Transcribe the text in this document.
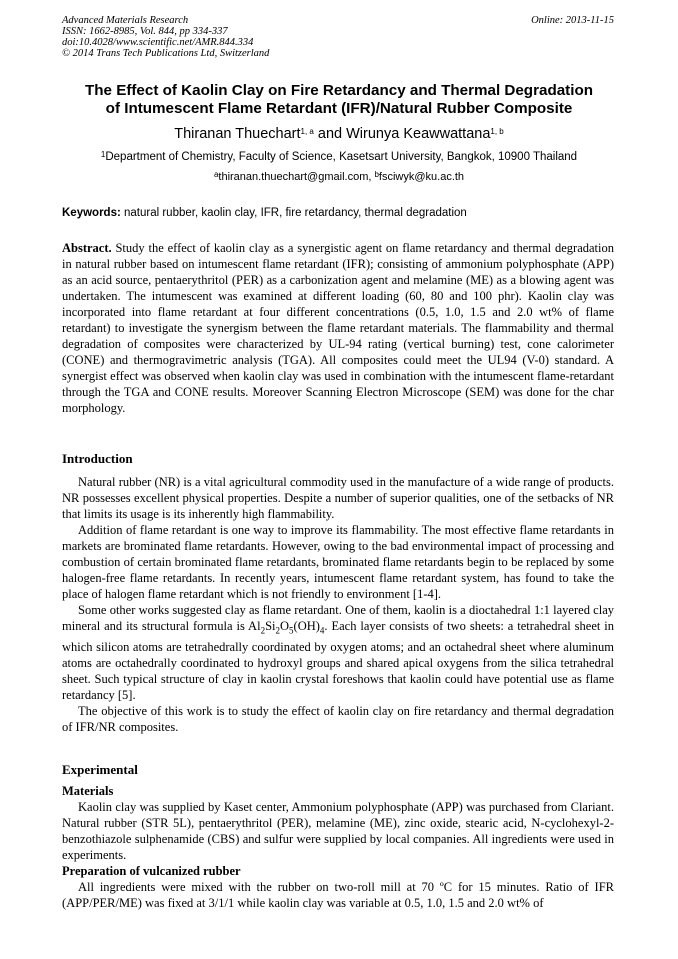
Advanced Materials Research
ISSN: 1662-8985, Vol. 844, pp 334-337
doi:10.4028/www.scientific.net/AMR.844.334
© 2014 Trans Tech Publications Ltd, Switzerland
Online: 2013-11-15
The Effect of Kaolin Clay on Fire Retardancy and Thermal Degradation
of Intumescent Flame Retardant (IFR)/Natural Rubber Composite
Thiranan Thuechart$^{1, a}$ and Wirunya Keawwattana$^{1, b}$
$^1$Department of Chemistry, Faculty of Science, Kasetsart University, Bangkok, 10900 Thailand
$^a$thiranan.thuechart@gmail.com, $^b$fsciwyk@ku.ac.th
Keywords: natural rubber, kaolin clay, IFR, fire retardancy, thermal degradation

Abstract. Study the effect of kaolin clay as a synergistic agent on flame retardancy and thermal degradation in natural rubber based on intumescent flame retardant (IFR); consisting of ammonium polyphosphate (APP) as an acid source, pentaerythritol (PER) as a carbonization agent and melamine (ME) as a blowing agent was undertaken. The intumescent was examined at different loading (60, 80 and 100 phr). Kaolin clay was incorporated into flame retardant at four different concentrations (0.5, 1.0, 1.5 and 2.0 wt% of flame retardant) to investigate the synergism between the flame retardant materials. The flammability and thermal degradation of composites were characterized by UL-94 rating (vertical burning) test, cone calorimeter (CONE) and thermogravimetric analysis (TGA). All composites could meet the UL94 (V-0) standard. A synergist effect was observed when kaolin clay was used in combination with the intumescent flame-retardant through the TGA and CONE results. Moreover Scanning Electron Microscope (SEM) was done for the char morphology.

Introduction

Natural rubber (NR) is a vital agricultural commodity used in the manufacture of a wide range of products. NR possesses excellent physical properties. Despite a number of superior qualities, one of the setbacks of NR that limits its usage is its inherently high flammability.

Addition of flame retardant is one way to improve its flammability. The most effective flame retardants in markets are brominated flame retardants. However, owing to the bad environmental impact of processing and combustion of certain brominated flame retardants, brominated flame retardants begin to be replaced by some halogen-free flame retardants. In recently years, intumescent flame retardant system, has found to take the place of halogen flame retardant which is not friendly to environment [1-4].

Some other works suggested clay as flame retardant. One of them, kaolin is a dioctahedral 1:1 layered clay mineral and its structural formula is $Al_2Si_2O_5(OH)_4$. Each layer consists of two sheets: a tetrahedral sheet in which silicon atoms are tetrahedrally coordinated by oxygen atoms; and an octahedral sheet where aluminum atoms are octahedrally coordinated to hydroxyl groups and shared apical oxygens from the silica tetrahedral sheet. Such typical structure of clay in kaolin crystal foreshows that kaolin could have potential use as flame retardancy [5].

The objective of this work is to study the effect of kaolin clay on fire retardancy and thermal degradation of IFR/NR composites.

Experimental
Materials

Kaolin clay was supplied by Kaset center, Ammonium polyphosphate (APP) was purchased from Clariant. Natural rubber (STR 5L), pentaerythritol (PER), melamine (ME), zinc oxide, stearic acid, N-cyclohexyl-2-benzothiazole sulphenamide (CBS) and sulfur were supplied by local companies. All ingredients were used in experiments.

Preparation of vulcanized rubber

All ingredients were mixed with the rubber on two-roll mill at 70 ºC for 15 minutes. Ratio of IFR (APP/PER/ME) was fixed at 3/1/1 while kaolin clay was variable at 0.5, 1.0, 1.5 and 2.0 wt% of
